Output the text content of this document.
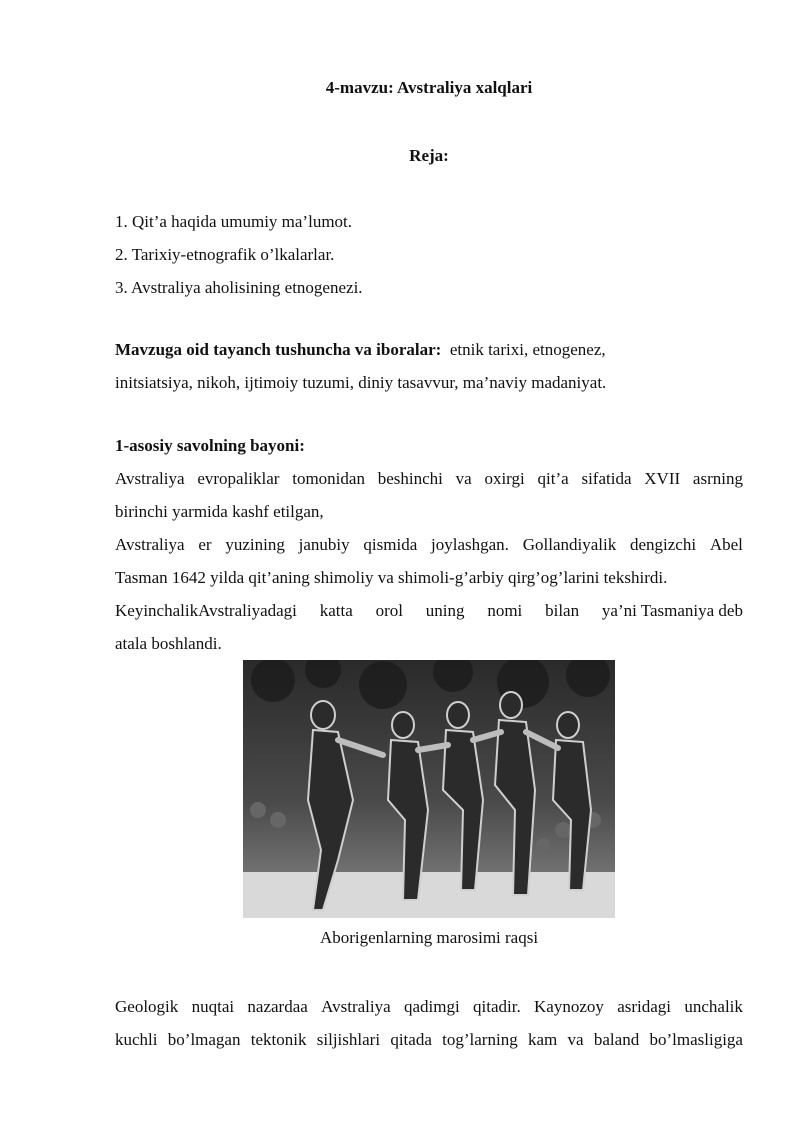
4-mavzu: Avstraliya xalqlari
Reja:
1. Qit’a haqida umumiy ma’lumot.
2. Tarixiy-etnografik o’lkalarlar.
3. Avstraliya aholisining etnogenezi.
Mavzuga oid tayanch tushuncha va iboralar: etnik tarixi, etnogenez,
initsiatsiya, nikoh, ijtimoiy tuzumi, diniy tasavvur, ma’naviy madaniyat.
1-asosiy savolning bayoni:
Avstraliya evropaliklar tomonidan beshinchi va oxirgi qit’a sifatida XVII asrning
birinchi yarmida kashf etilgan,
Avstraliya er yuzining janubiy qismida joylashgan. Gollandiyalik dengizchi Abel
Tasman 1642 yilda qit’aning shimoliy va shimoli-g’arbiy qirg’og’larini tekshirdi.
KeyinchalikAvstraliyadagi katta orol uning nomi bilan ya’ni Tasmaniya deb
atala boshlandi.
Aborigenlarning marosimi raqsi
Geologik nuqtai nazardaa Avstraliya qadimgi qitadir. Kaynozoy asridagi unchalik
kuchli bo’lmagan tektonik siljishlari qitada tog’larning kam va baland bo’lmasligiga
